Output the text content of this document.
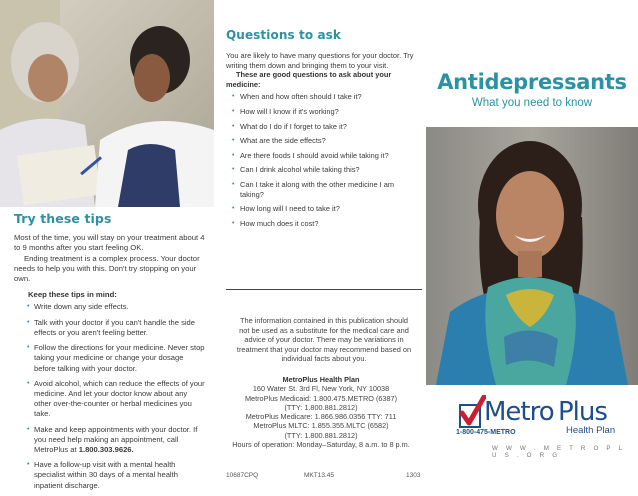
Try these tips

Most of the time, you will stay on your treatment about 4 to 9 months after you start feeling OK.

Ending treatment is a complex process. Your doctor needs to help you with this. Don't try stopping on your own.

Keep these tips in mind:
• Write down any side effects.
• Talk with your doctor if you can't handle the side effects or you aren't feeling better.
• Follow the directions for your medicine. Never stop taking your medicine or change your dosage before talking with your doctor.
• Avoid alcohol, which can reduce the effects of your medicine. And let your doctor know about any other over-the-counter or herbal medicines you take.
• Make and keep appointments with your doctor. If you need help making an appointment, call MetroPlus at 1.800.303.9626.
• Have a follow-up visit with a mental health specialist within 30 days of a mental health inpatient discharge.
Questions to ask

You are likely to have many questions for your doctor. Try writing them down and bringing them to your visit.

These are good questions to ask about your medicine:

• When and how often should I take it?
• How will I know if it's working?
• What do I do if I forget to take it?
• What are the side effects?
• Are there foods I should avoid while taking it?
• Can I drink alcohol while taking this?
• Can I take it along with the other medicine I am taking?
• How long will I need to take it?
• How much does it cost?
The information contained in this publication should not be used as a substitute for the medical care and advice of your doctor. There may be variations in treatment that your doctor may recommend based on individual facts about you.
MetroPlus Health Plan
160 Water St. 3rd Fl, New York, NY 10038
MetroPlus Medicaid: 1.800.475.METRO (6387)
(TTY: 1.800.881.2812)
MetroPlus Medicare: 1.866.986.0356 TTY: 711
MetroPlus MLTC: 1.855.355.MLTC (6582)
(TTY: 1.800.881.2812)
Hours of operation: Monday–Saturday, 8 a.m. to 8 p.m.
10687CPQ	MKT13.45	1303
Antidepressants
What you need to know
Metro Plus
Health Plan
1-800-475-METRO
W W W . M E T R O P L U S . O R G
